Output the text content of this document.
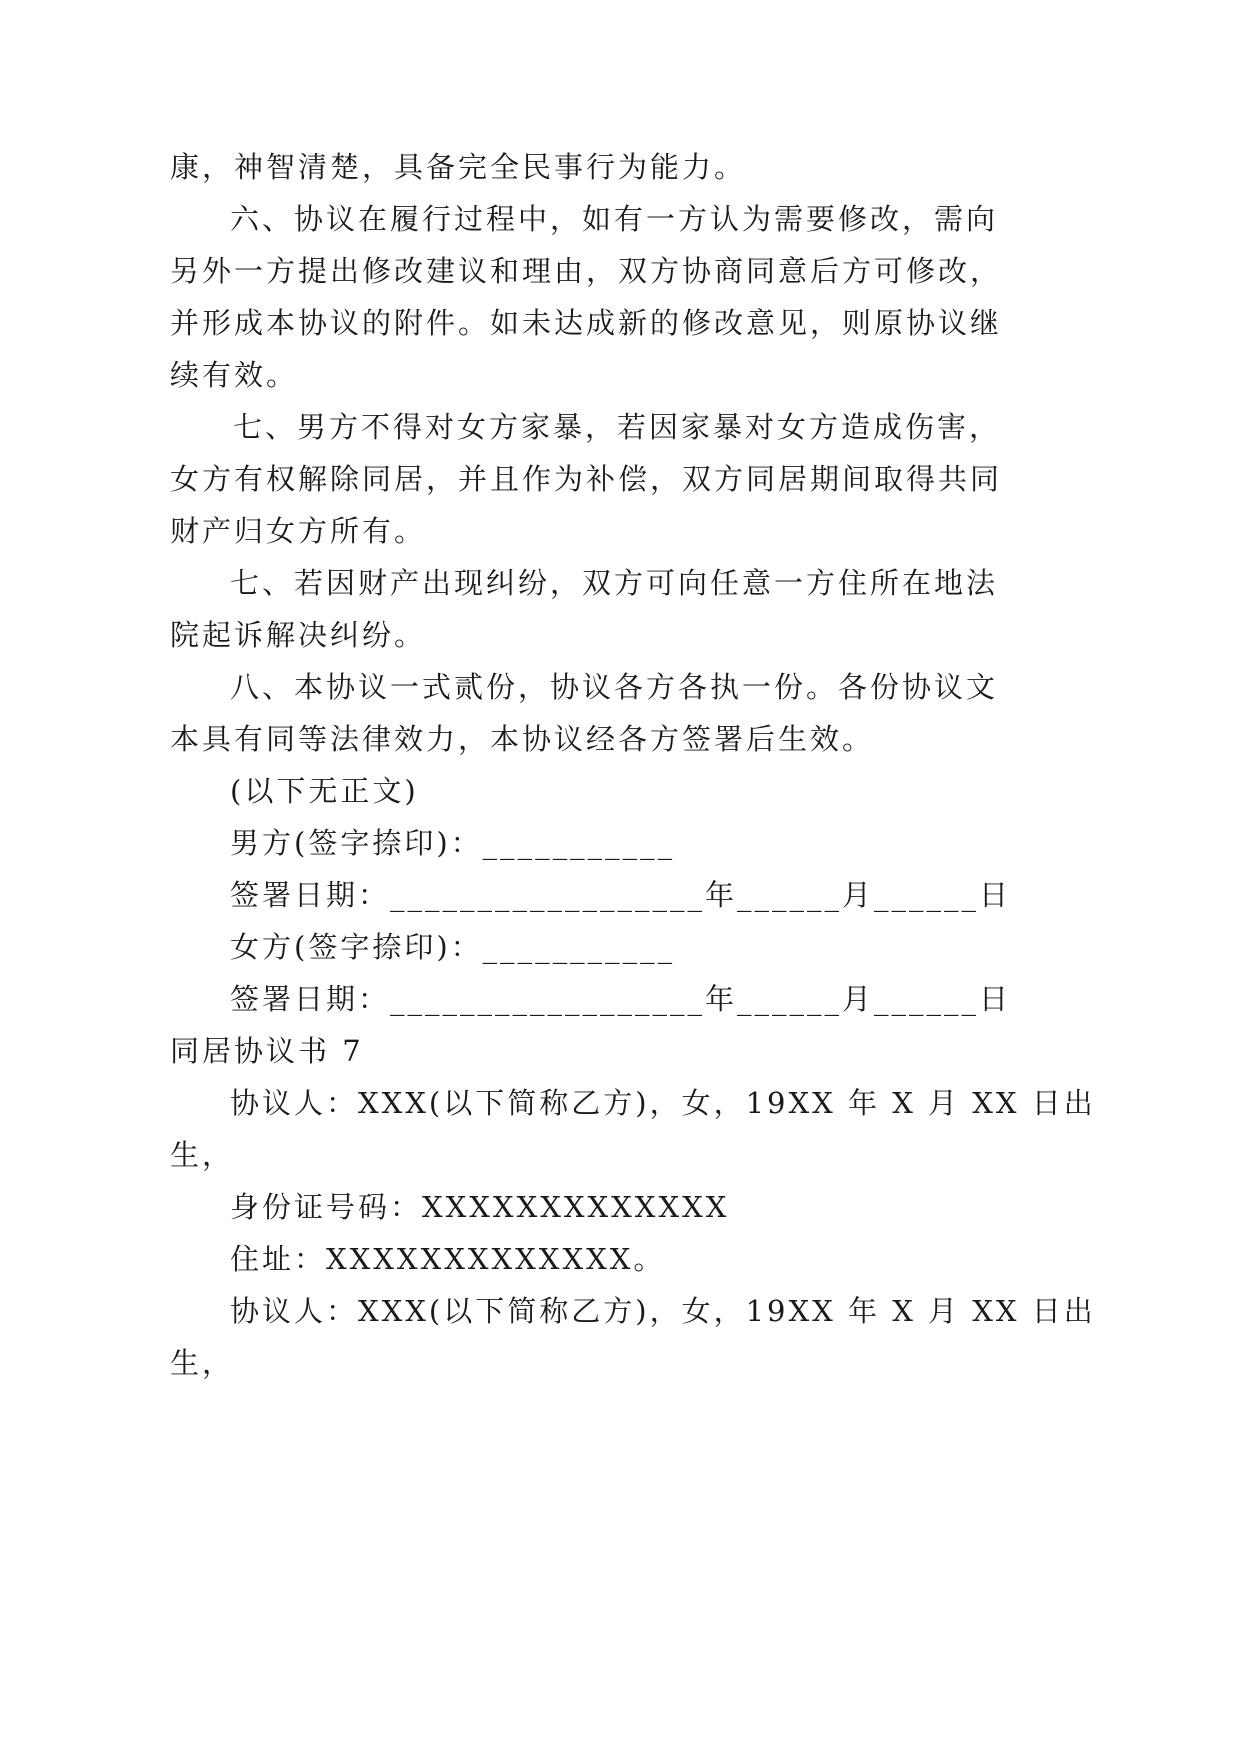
康，神智清楚，具备完全民事行为能力。
六、协议在履行过程中，如有一方认为需要修改，需向
另外一方提出修改建议和理由，双方协商同意后方可修改，
并形成本协议的附件。如未达成新的修改意见，则原协议继
续有效。
七、男方不得对女方家暴，若因家暴对女方造成伤害，
女方有权解除同居，并且作为补偿，双方同居期间取得共同
财产归女方所有。
七、若因财产出现纠纷，双方可向任意一方住所在地法
院起诉解决纠纷。
八、本协议一式贰份，协议各方各执一份。各份协议文
本具有同等法律效力，本协议经各方签署后生效。
(以下无正文)
男方(签字捺印)：___________
签署日期：__________________年______月______日
女方(签字捺印)：___________
签署日期：__________________年______月______日
同居协议书 7
协议人：XXX(以下简称乙方)，女，19XX 年 X 月 XX 日出
生，
身份证号码：XXXXXXXXXXXXX
住址：XXXXXXXXXXXXX。
协议人：XXX(以下简称乙方)，女，19XX 年 X 月 XX 日出
生，
